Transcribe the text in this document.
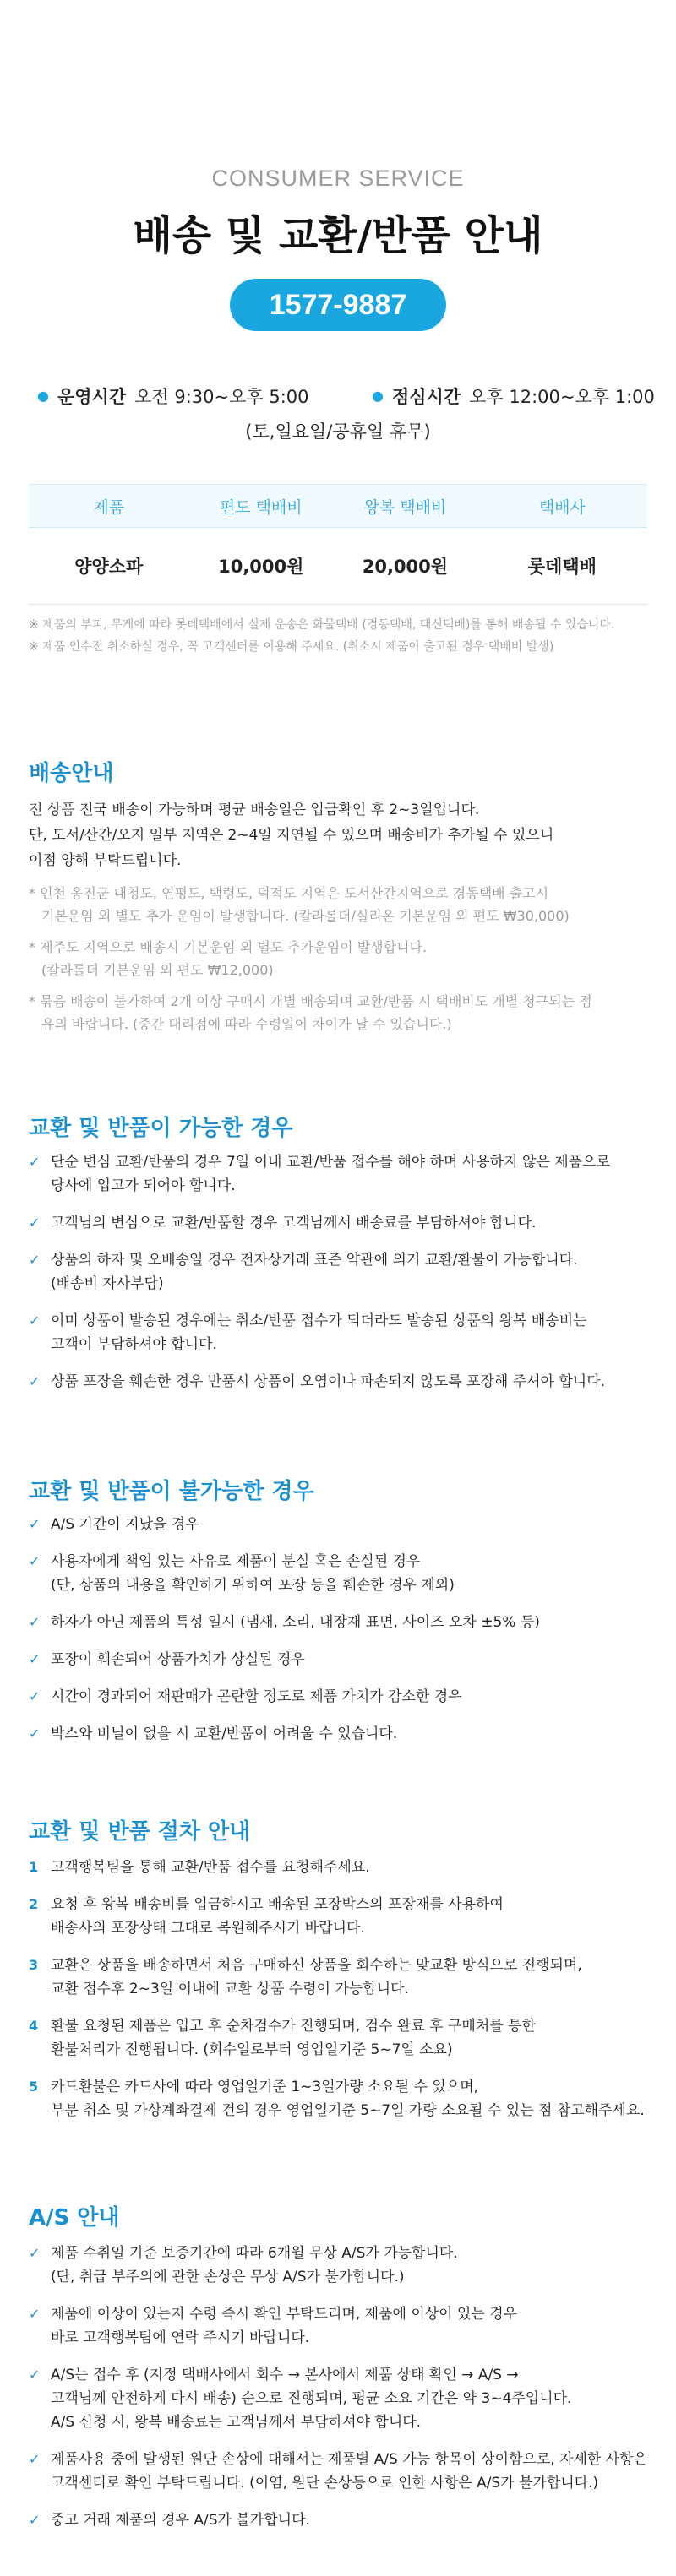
CONSUMER SERVICE
배송 및 교환/반품 안내
1577-9887
● 운영시간 오전 9:30~오후 5:00	● 점심시간 오후 12:00~오후 1:00
(토,일요일/공휴일 휴무)
제품	편도 택배비	왕복 택배비	택배사
양양소파	10,000원	20,000원	롯데택배
※ 제품의 부피, 무게에 따라 롯데택배에서 실제 운송은 화물택배 (경동택배, 대신택배)를 통해 배송될 수 있습니다.
※ 제품 인수전 취소하실 경우, 꼭 고객센터를 이용해 주세요. (취소시 제품이 출고된 경우 택배비 발생)
배송안내
전 상품 전국 배송이 가능하며 평균 배송일은 입금확인 후 2~3일입니다.
단, 도서/산간/오지 일부 지역은 2~4일 지연될 수 있으며 배송비가 추가될 수 있으니
이점 양해 부탁드립니다.
* 인천 옹진군 대청도, 연평도, 백령도, 덕적도 지역은 도서산간지역으로 경동택배 출고시
기본운임 외 별도 추가 운임이 발생합니다. (칼라롤더/실리온 기본운임 외 편도 ₩30,000)
* 제주도 지역으로 배송시 기본운임 외 별도 추가운임이 발생합니다.
(칼라롤더 기본운임 외 편도 ₩12,000)
* 묶음 배송이 불가하여 2개 이상 구매시 개별 배송되며 교환/반품 시 택배비도 개별 청구되는 점
유의 바랍니다. (중간 대리점에 따라 수령일이 차이가 날 수 있습니다.)
교환 및 반품이 가능한 경우
✓ 단순 변심 교환/반품의 경우 7일 이내 교환/반품 접수를 해야 하며 사용하지 않은 제품으로
당사에 입고가 되어야 합니다.
✓ 고객님의 변심으로 교환/반품할 경우 고객님께서 배송료를 부담하셔야 합니다.
✓ 상품의 하자 및 오배송일 경우 전자상거래 표준 약관에 의거 교환/환불이 가능합니다.
(배송비 자사부담)
✓ 이미 상품이 발송된 경우에는 취소/반품 접수가 되더라도 발송된 상품의 왕복 배송비는
고객이 부담하셔야 합니다.
✓ 상품 포장을 훼손한 경우 반품시 상품이 오염이나 파손되지 않도록 포장해 주셔야 합니다.
교환 및 반품이 불가능한 경우
✓ A/S 기간이 지났을 경우
✓ 사용자에게 책임 있는 사유로 제품이 분실 혹은 손실된 경우
(단, 상품의 내용을 확인하기 위하여 포장 등을 훼손한 경우 제외)
✓ 하자가 아닌 제품의 특성 일시 (냄새, 소리, 내장재 표면, 사이즈 오차 ±5% 등)
✓ 포장이 훼손되어 상품가치가 상실된 경우
✓ 시간이 경과되어 재판매가 곤란할 정도로 제품 가치가 감소한 경우
✓ 박스와 비닐이 없을 시 교환/반품이 어려울 수 있습니다.
교환 및 반품 절차 안내
1 고객행복팀을 통해 교환/반품 접수를 요청해주세요.
2 요청 후 왕복 배송비를 입금하시고 배송된 포장박스의 포장재를 사용하여
배송사의 포장상태 그대로 복원해주시기 바랍니다.
3 교환은 상품을 배송하면서 처음 구매하신 상품을 회수하는 맞교환 방식으로 진행되며,
교환 접수후 2~3일 이내에 교환 상품 수령이 가능합니다.
4 환불 요청된 제품은 입고 후 순차검수가 진행되며, 검수 완료 후 구매처를 통한
환불처리가 진행됩니다. (회수일로부터 영업일기준 5~7일 소요)
5 카드환불은 카드사에 따라 영업일기준 1~3일가량 소요될 수 있으며,
부분 취소 및 가상계좌결제 건의 경우 영업일기준 5~7일 가량 소요될 수 있는 점 참고해주세요.
A/S 안내
✓ 제품 수취일 기준 보증기간에 따라 6개월 무상 A/S가 가능합니다.
(단, 취급 부주의에 관한 손상은 무상 A/S가 불가합니다.)
✓ 제품에 이상이 있는지 수령 즉시 확인 부탁드리며, 제품에 이상이 있는 경우
바로 고객행복팀에 연락 주시기 바랍니다.
✓ A/S는 접수 후 (지정 택배사에서 회수 → 본사에서 제품 상태 확인 → A/S →
고객님께 안전하게 다시 배송) 순으로 진행되며, 평균 소요 기간은 약 3~4주입니다.
A/S 신청 시, 왕복 배송료는 고객님께서 부담하셔야 합니다.
✓ 제품사용 중에 발생된 원단 손상에 대해서는 제품별 A/S 가능 항목이 상이함으로, 자세한 사항은
고객센터로 확인 부탁드립니다. (이염, 원단 손상등으로 인한 사항은 A/S가 불가합니다.)
✓ 중고 거래 제품의 경우 A/S가 불가합니다.
